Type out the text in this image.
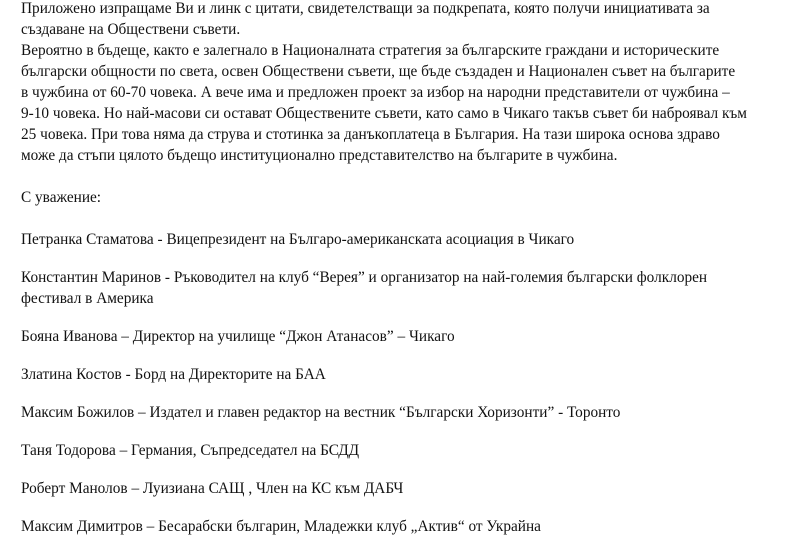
Приложено изпращаме Ви и линк с цитати, свидетелстващи за подкрепата, която получи инициативата за

създаване на Обществени съвети.

Вероятно в бъдеще, както е залегнало в Националната стратегия за българските граждани и историческите

български общности по света, освен Обществени съвети, ще бъде създаден и Национален съвет на българите

в чужбина от 60-70 човека. А вече има и предложен проект за избор на народни представители от чужбина –

9-10 човека. Но най-масови си остават Обществените съвети, като само в Чикаго такъв съвет би наброявал към

25 човека. При това няма да струва и стотинка за данъкоплатеца в България. На тази широка основа здраво

може да стъпи цялото бъдещо институционално представителство на българите в чужбина.

С уважение:

Петранка Стаматова - Вицепрезидент на Българо-американската асоциация в Чикаго

Константин Маринов - Ръководител на клуб “Верея” и организатор на най-големия български фолклорен

фестивал в Америка

Бояна Иванова – Директор на училище “Джон Атанасов” – Чикаго

Златина Костов - Борд на Директорите на БАА

Максим Божилов – Издател и главен редактор на вестник “Български Хоризонти” - Торонто

Таня Тодорова – Германия, Съпредседател на БСДД

Роберт Манолов – Луизиана САЩ , Член на КС към ДАБЧ

Максим Димитров – Бесарабски българин, Младежки клуб „Актив“ от Украйна
